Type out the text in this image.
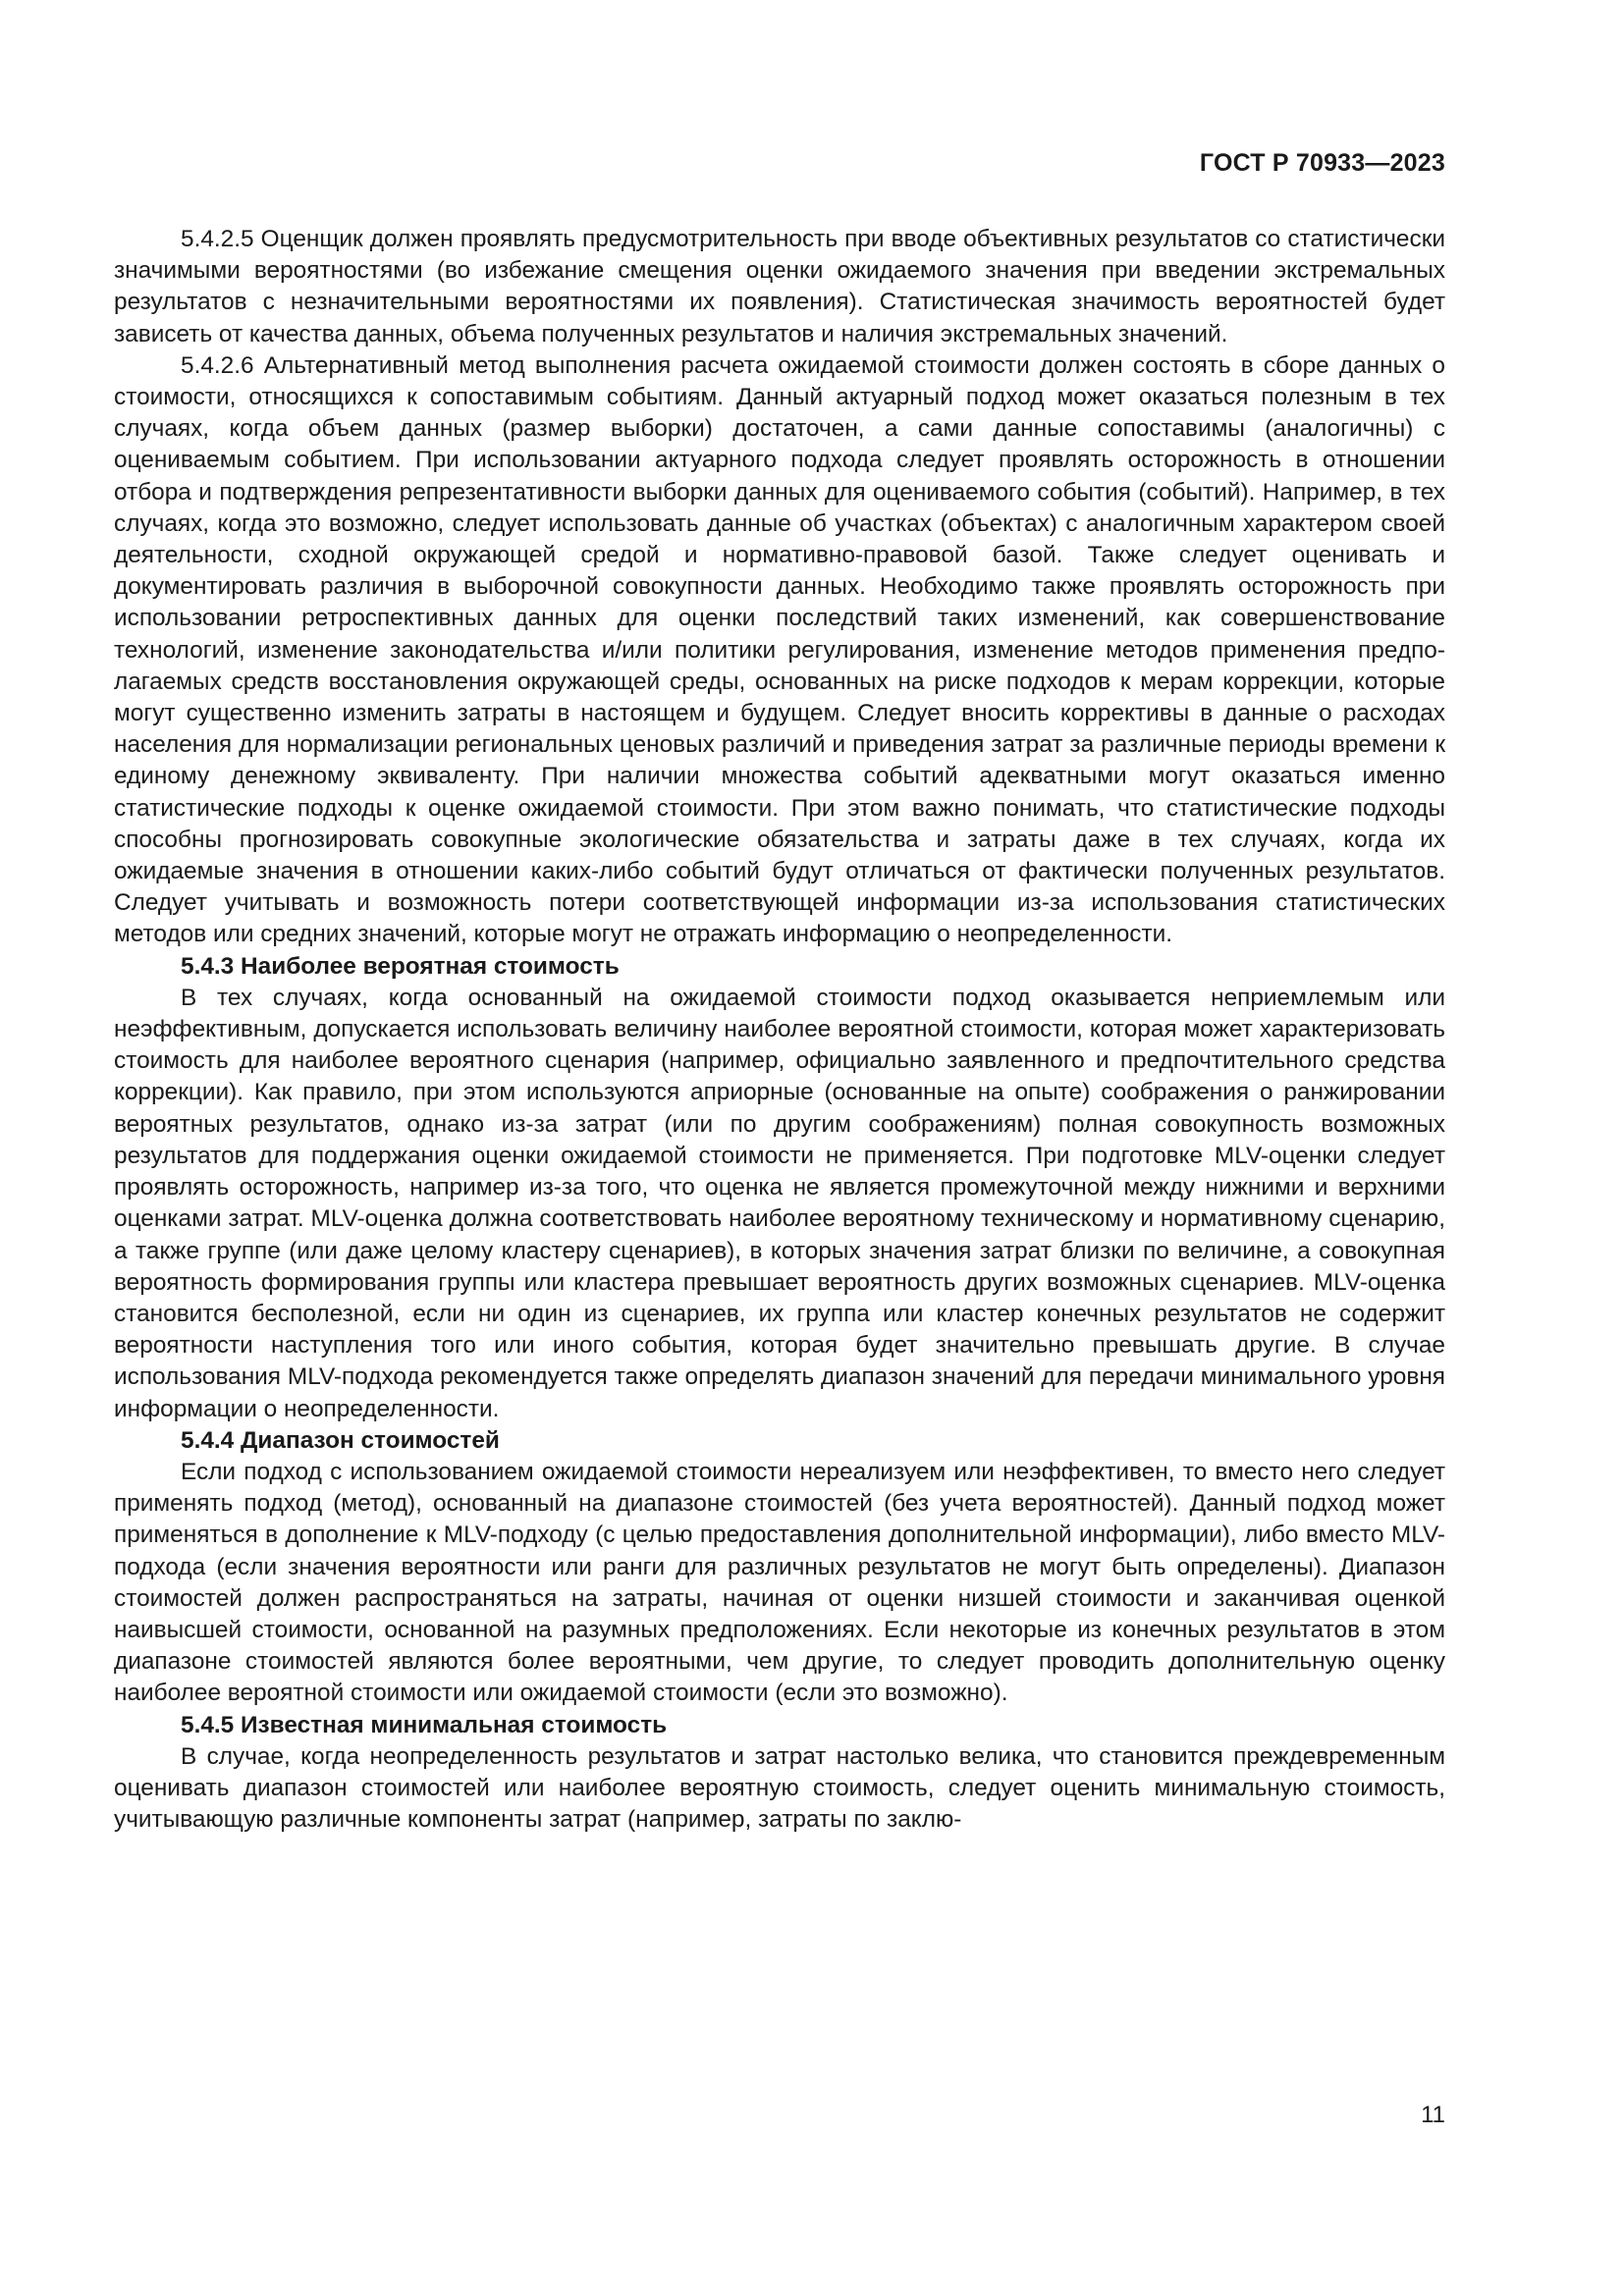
ГОСТ Р 70933—2023

5.4.2.5 Оценщик должен проявлять предусмотрительность при вводе объективных результатов со статистически значимыми вероятностями (во избежание смещения оценки ожидаемого значения при введении экстремальных результатов с незначительными вероятностями их появления). Статистическая значимость вероятностей будет зависеть от качества данных, объема полученных результатов и наличия экстремальных значений.

5.4.2.6 Альтернативный метод выполнения расчета ожидаемой стоимости должен состоять в сборе данных о стоимости, относящихся к сопоставимым событиям. Данный актуарный подход может оказаться полезным в тех случаях, когда объем данных (размер выборки) достаточен, а сами данные сопоставимы (аналогичны) с оцениваемым событием. При использовании актуарного подхода следует проявлять осторожность в отношении отбора и подтверждения репрезентативности выборки данных для оцениваемого события (событий). Например, в тех случаях, когда это возможно, следует использовать данные об участках (объектах) с аналогичным характером своей деятельности, сходной окружающей средой и нормативно-правовой базой. Также следует оценивать и документировать различия в выборочной совокупности данных. Необходимо также проявлять осторожность при использовании ретроспективных данных для оценки последствий таких изменений, как совершенствование технологий, изменение законодательства и/или политики регулирования, изменение методов применения предполагаемых средств восстановления окружающей среды, основанных на риске подходов к мерам коррекции, которые могут существенно изменить затраты в настоящем и будущем. Следует вносить коррективы в данные о расходах населения для нормализации региональных ценовых различий и приведения затрат за различные периоды времени к единому денежному эквиваленту. При наличии множества событий адекватными могут оказаться именно статистические подходы к оценке ожидаемой стоимости. При этом важно понимать, что статистические подходы способны прогнозировать совокупные экологические обязательства и затраты даже в тех случаях, когда их ожидаемые значения в отношении каких-либо событий будут отличаться от фактически полученных результатов. Следует учитывать и возможность потери соответствующей информации из-за использования статистических методов или средних значений, которые могут не отражать информацию о неопределенности.

5.4.3 Наиболее вероятная стоимость

В тех случаях, когда основанный на ожидаемой стоимости подход оказывается неприемлемым или неэффективным, допускается использовать величину наиболее вероятной стоимости, которая может характеризовать стоимость для наиболее вероятного сценария (например, официально заявленного и предпочтительного средства коррекции). Как правило, при этом используются априорные (основанные на опыте) соображения о ранжировании вероятных результатов, однако из-за затрат (или по другим соображениям) полная совокупность возможных результатов для поддержания оценки ожидаемой стоимости не применяется. При подготовке MLV-оценки следует проявлять осторожность, например из-за того, что оценка не является промежуточной между нижними и верхними оценками затрат. MLV-оценка должна соответствовать наиболее вероятному техническому и нормативному сценарию, а также группе (или даже целому кластеру сценариев), в которых значения затрат близки по величине, а совокупная вероятность формирования группы или кластера превышает вероятность других возможных сценариев. MLV-оценка становится бесполезной, если ни один из сценариев, их группа или кластер конечных результатов не содержит вероятности наступления того или иного события, которая будет значительно превышать другие. В случае использования MLV-подхода рекомендуется также определять диапазон значений для передачи минимального уровня информации о неопределенности.

5.4.4 Диапазон стоимостей

Если подход с использованием ожидаемой стоимости нереализуем или неэффективен, то вместо него следует применять подход (метод), основанный на диапазоне стоимостей (без учета вероятностей). Данный подход может применяться в дополнение к MLV-подходу (с целью предоставления дополнительной информации), либо вместо MLV-подхода (если значения вероятности или ранги для различных результатов не могут быть определены). Диапазон стоимостей должен распространяться на затраты, начиная от оценки низшей стоимости и заканчивая оценкой наивысшей стоимости, основанной на разумных предположениях. Если некоторые из конечных результатов в этом диапазоне стоимостей являются более вероятными, чем другие, то следует проводить дополнительную оценку наиболее вероятной стоимости или ожидаемой стоимости (если это возможно).

5.4.5 Известная минимальная стоимость

В случае, когда неопределенность результатов и затрат настолько велика, что становится преждевременным оценивать диапазон стоимостей или наиболее вероятную стоимость, следует оценить минимальную стоимость, учитывающую различные компоненты затрат (например, затраты по заклю-

11
